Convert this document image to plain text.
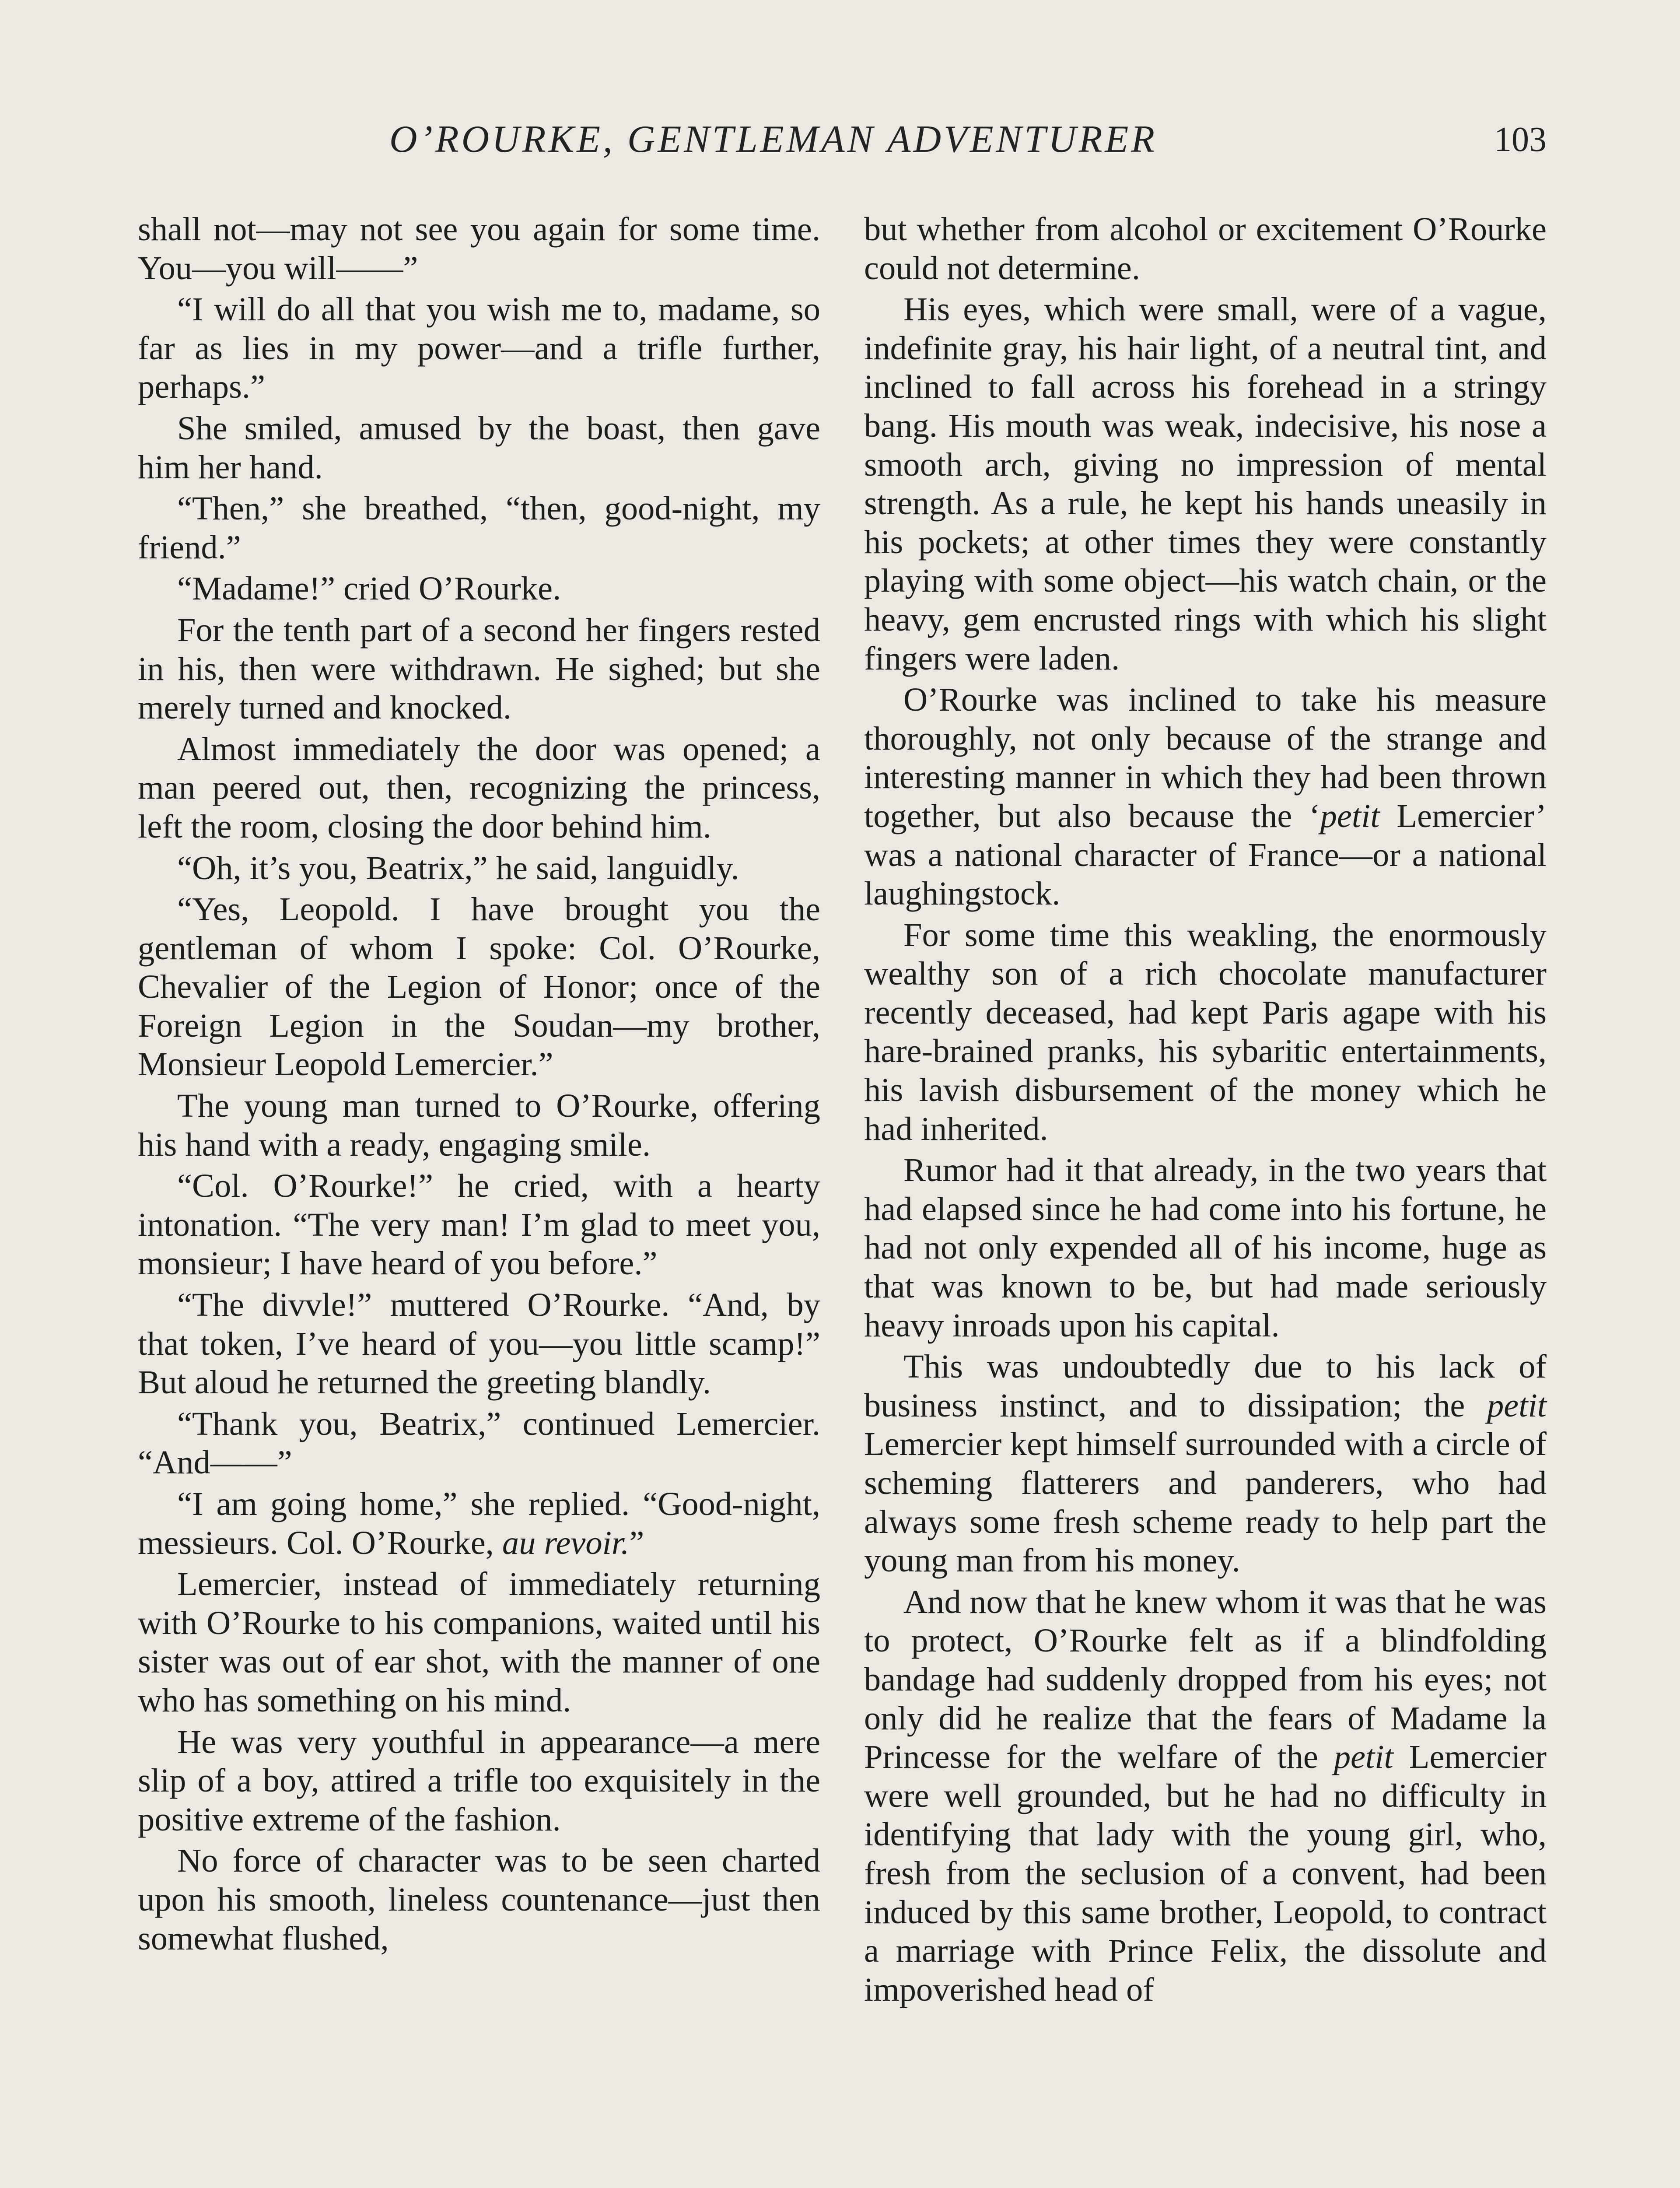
O’ROURKE, GENTLEMAN ADVENTURER	103

shall not—may not see you again for some time. You—you will——”

“I will do all that you wish me to, madame, so far as lies in my power—and a trifle further, perhaps.”

She smiled, amused by the boast, then gave him her hand.

“Then,” she breathed, “then, good-night, my friend.”

“Madame!” cried O’Rourke.

For the tenth part of a second her fingers rested in his, then were withdrawn. He sighed; but she merely turned and knocked.

Almost immediately the door was opened; a man peered out, then, recognizing the princess, left the room, closing the door behind him.

“Oh, it’s you, Beatrix,” he said, languidly.

“Yes, Leopold. I have brought you the gentleman of whom I spoke: Col. O’Rourke, Chevalier of the Legion of Honor; once of the Foreign Legion in the Soudan—my brother, Monsieur Leopold Lemercier.”

The young man turned to O’Rourke, offering his hand with a ready, engaging smile.

“Col. O’Rourke!” he cried, with a hearty intonation. “The very man! I’m glad to meet you, monsieur; I have heard of you before.”

“The divvle!” muttered O’Rourke. “And, by that token, I’ve heard of you—you little scamp!” But aloud he returned the greeting blandly.

“Thank you, Beatrix,” continued Lemercier. “And——”

“I am going home,” she replied. “Good-night, messieurs. Col. O’Rourke, au revoir.”

Lemercier, instead of immediately returning with O’Rourke to his companions, waited until his sister was out of ear shot, with the manner of one who has something on his mind.

He was very youthful in appearance—a mere slip of a boy, attired a trifle too exquisitely in the positive extreme of the fashion.

No force of character was to be seen charted upon his smooth, lineless countenance—just then somewhat flushed,

but whether from alcohol or excitement O’Rourke could not determine.

His eyes, which were small, were of a vague, indefinite gray, his hair light, of a neutral tint, and inclined to fall across his forehead in a stringy bang. His mouth was weak, indecisive, his nose a smooth arch, giving no impression of mental strength. As a rule, he kept his hands uneasily in his pockets; at other times they were constantly playing with some object—his watch chain, or the heavy, gem encrusted rings with which his slight fingers were laden.

O’Rourke was inclined to take his measure thoroughly, not only because of the strange and interesting manner in which they had been thrown together, but also because the ‘petit Lemercier’ was a national character of France—or a national laughingstock.

For some time this weakling, the enormously wealthy son of a rich chocolate manufacturer recently deceased, had kept Paris agape with his hare-brained pranks, his sybaritic entertainments, his lavish disbursement of the money which he had inherited.

Rumor had it that already, in the two years that had elapsed since he had come into his fortune, he had not only expended all of his income, huge as that was known to be, but had made seriously heavy inroads upon his capital.

This was undoubtedly due to his lack of business instinct, and to dissipation; the petit Lemercier kept himself surrounded with a circle of scheming flatterers and panderers, who had always some fresh scheme ready to help part the young man from his money.

And now that he knew whom it was that he was to protect, O’Rourke felt as if a blindfolding bandage had suddenly dropped from his eyes; not only did he realize that the fears of Madame la Princesse for the welfare of the petit Lemercier were well grounded, but he had no difficulty in identifying that lady with the young girl, who, fresh from the seclusion of a convent, had been induced by this same brother, Leopold, to contract a marriage with Prince Felix, the dissolute and impoverished head of
